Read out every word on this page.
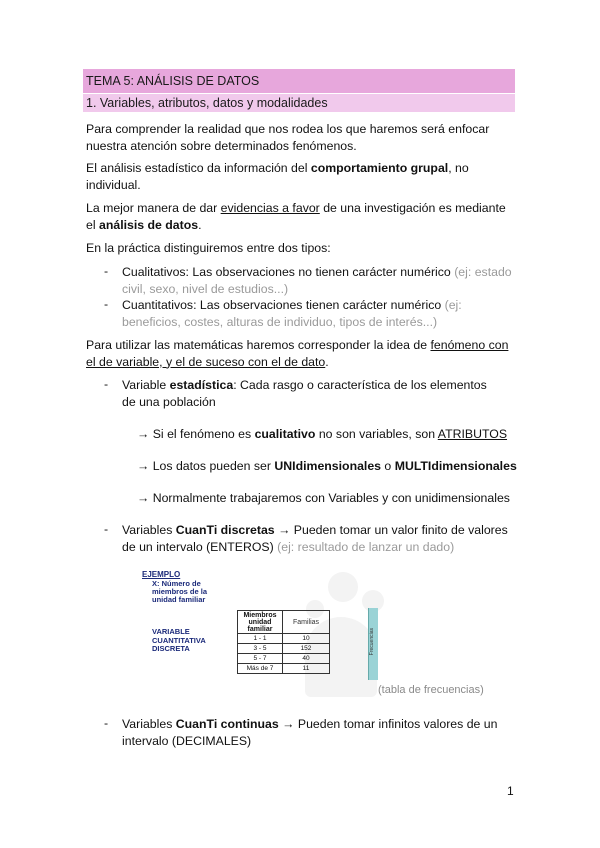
TEMA 5: ANÁLISIS DE DATOS
1. Variables, atributos, datos y modalidades
Para comprender la realidad que nos rodea los que haremos será enfocar nuestra atención sobre determinados fenómenos.
El análisis estadístico da información del comportamiento grupal, no individual.
La mejor manera de dar evidencias a favor de una investigación es mediante el análisis de datos.
En la práctica distinguiremos entre dos tipos:
- Cualitativos: Las observaciones no tienen carácter numérico (ej: estado civil, sexo, nivel de estudios...)
- Cuantitativos: Las observaciones tienen carácter numérico (ej: beneficios, costes, alturas de individuo, tipos de interés...)
Para utilizar las matemáticas haremos corresponder la idea de fenómeno con el de variable, y el de suceso con el de dato.
- Variable estadística: Cada rasgo o característica de los elementos de una población
→ Si el fenómeno es cualitativo no son variables, son ATRIBUTOS
→ Los datos pueden ser UNIdimensionales o MULTIdimensionales
→ Normalmente trabajaremos con Variables y con unidimensionales
- Variables CuanTi discretas → Pueden tomar un valor finito de valores de un intervalo (ENTEROS) (ej: resultado de lanzar un dado)
EJEMPLO
X: Número de miembros de la unidad familiar
VARIABLE CUANTITATIVA DISCRETA
Miembros unidad familiar	Familias
1 - 1	10
3 - 5	152
5 - 7	40
Más de 7	11
Frecuencias
(tabla de frecuencias)
- Variables CuanTi continuas → Pueden tomar infinitos valores de un intervalo (DECIMALES)
1
